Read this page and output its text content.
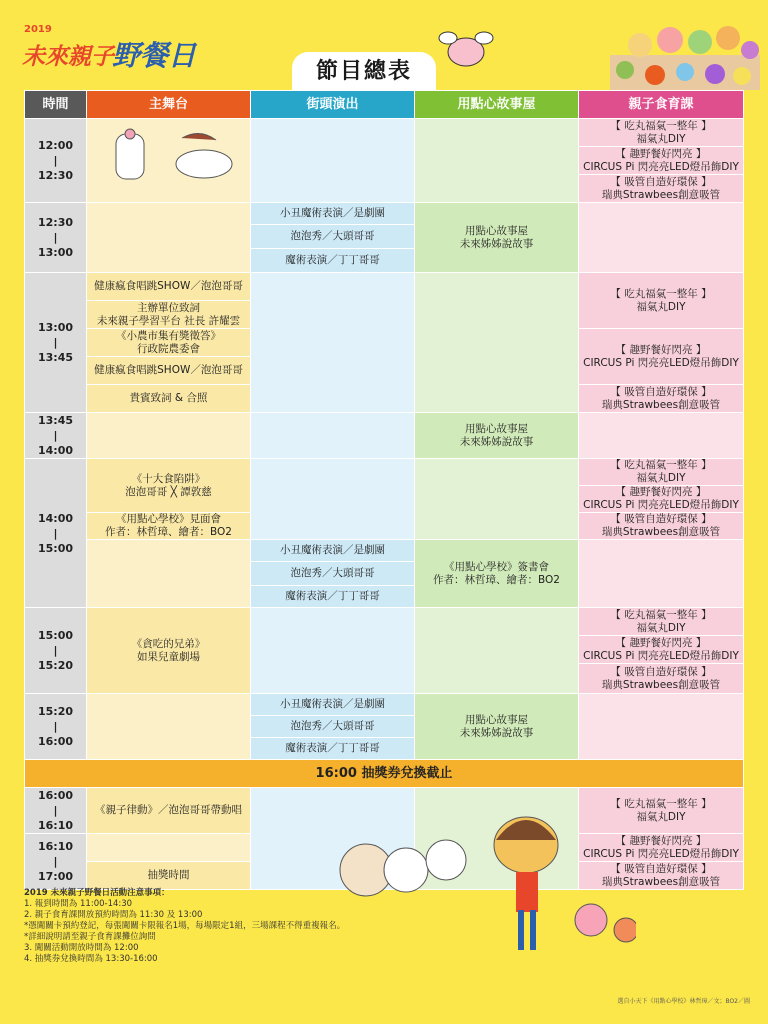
2019
未來親子
野餐日	節目總表
時間	主舞台	街頭演出	用點心故事屋	親子食育課
12:00
|
12:30				【 吃丸福氣一整年 】
福氣丸DIY
				【 趣野餐好閃亮 】
CIRCUS Pi 閃亮亮LED燈吊飾DIY
				【 吸管自造好環保 】
瑞典Strawbees創意吸管
12:30
|
13:00		小丑魔術表演／是劇團	用點心故事屋
未來姊姊說故事	
		泡泡秀／大頭哥哥		
		魔術表演／丁丁哥哥		
13:00
|
13:45	健康瘋食唱跳SHOW／泡泡哥哥			【 吃丸福氣一整年 】
福氣丸DIY
	主辦單位致詞
未來親子學習平台 社長 許耀雲			
	《小農市集有獎徵答》
行政院農委會			【 趣野餐好閃亮 】
CIRCUS Pi 閃亮亮LED燈吊飾DIY
	健康瘋食唱跳SHOW／泡泡哥哥			
	貴賓致詞 & 合照			【 吸管自造好環保 】
瑞典Strawbees創意吸管

13:45
|
14:00			用點心故事屋
未來姊姊說故事	
14:00
|
15:00	《十大食陷阱》
泡泡哥哥 ╳ 譚敦慈			【 吃丸福氣一整年 】
福氣丸DIY
				【 趣野餐好閃亮 】
CIRCUS Pi 閃亮亮LED燈吊飾DIY
	《用點心學校》見面會
作者：林哲璋、繪者：BO2			【 吸管自造好環保 】
瑞典Strawbees創意吸管
		小丑魔術表演／是劇團	《用點心學校》簽書會
作者：林哲璋、繪者：BO2	
		泡泡秀／大頭哥哥		
		魔術表演／丁丁哥哥		
15:00
|
15:20	《貪吃的兄弟》
如果兒童劇場			【 吃丸福氣一整年 】
福氣丸DIY
				【 趣野餐好閃亮 】
CIRCUS Pi 閃亮亮LED燈吊飾DIY
				【 吸管自造好環保 】
瑞典Strawbees創意吸管
15:20
|
16:00		小丑魔術表演／是劇團	用點心故事屋
未來姊姊說故事	
		泡泡秀／大頭哥哥		
		魔術表演／丁丁哥哥		
16:00 抽獎券兌換截止				
16:00
|
16:10	《親子律動》／泡泡哥哥帶動唱			【 吃丸福氣一整年 】
福氣丸DIY
16:10
|
17:00				【 趣野餐好閃亮 】
CIRCUS Pi 閃亮亮LED燈吊飾DIY
	抽獎時間			【 吸管自造好環保 】
瑞典Strawbees創意吸管
2019 未來親子野餐日活動注意事項：
1. 報到時間為 11:00-14:30
2. 親子食育課開放預約時間為 11:30 及 13:00
*憑闖關卡預約登記，每張闖關卡限報名1場，每場限定1組，三場課程不得重複報名。
*詳細說明請至親子食育課攤位詢問
3. 闖關活動開放時間為 12:00
4. 抽獎券兌換時間為 13:30-16:00
選自小天下《用點心學校》林哲璋／文；BO2／圖
